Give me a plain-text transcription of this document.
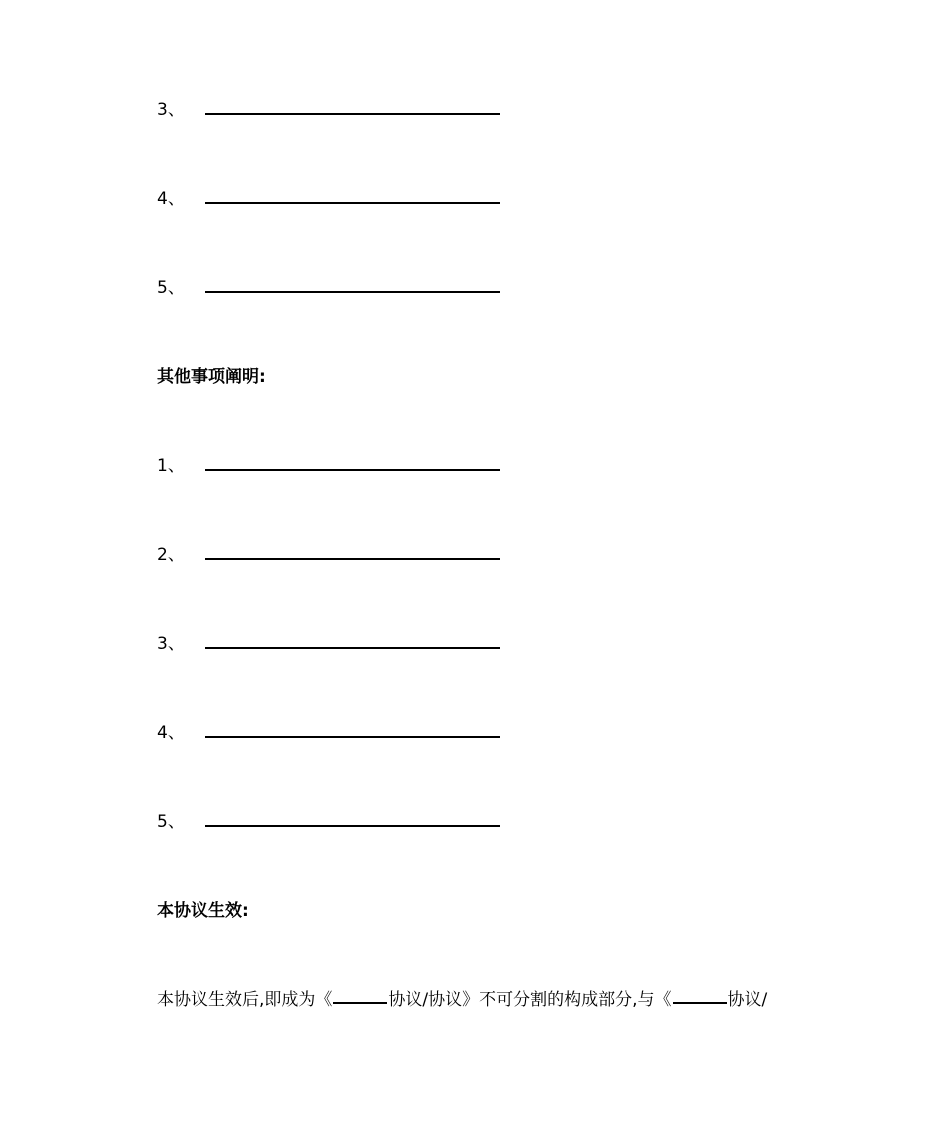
3、
4、
5、
其他事项阐明:
1、
2、
3、
4、
5、
本协议生效:
本协议生效后,即成为《	协议/协议》不可分割的构成部分,与《	协议/
